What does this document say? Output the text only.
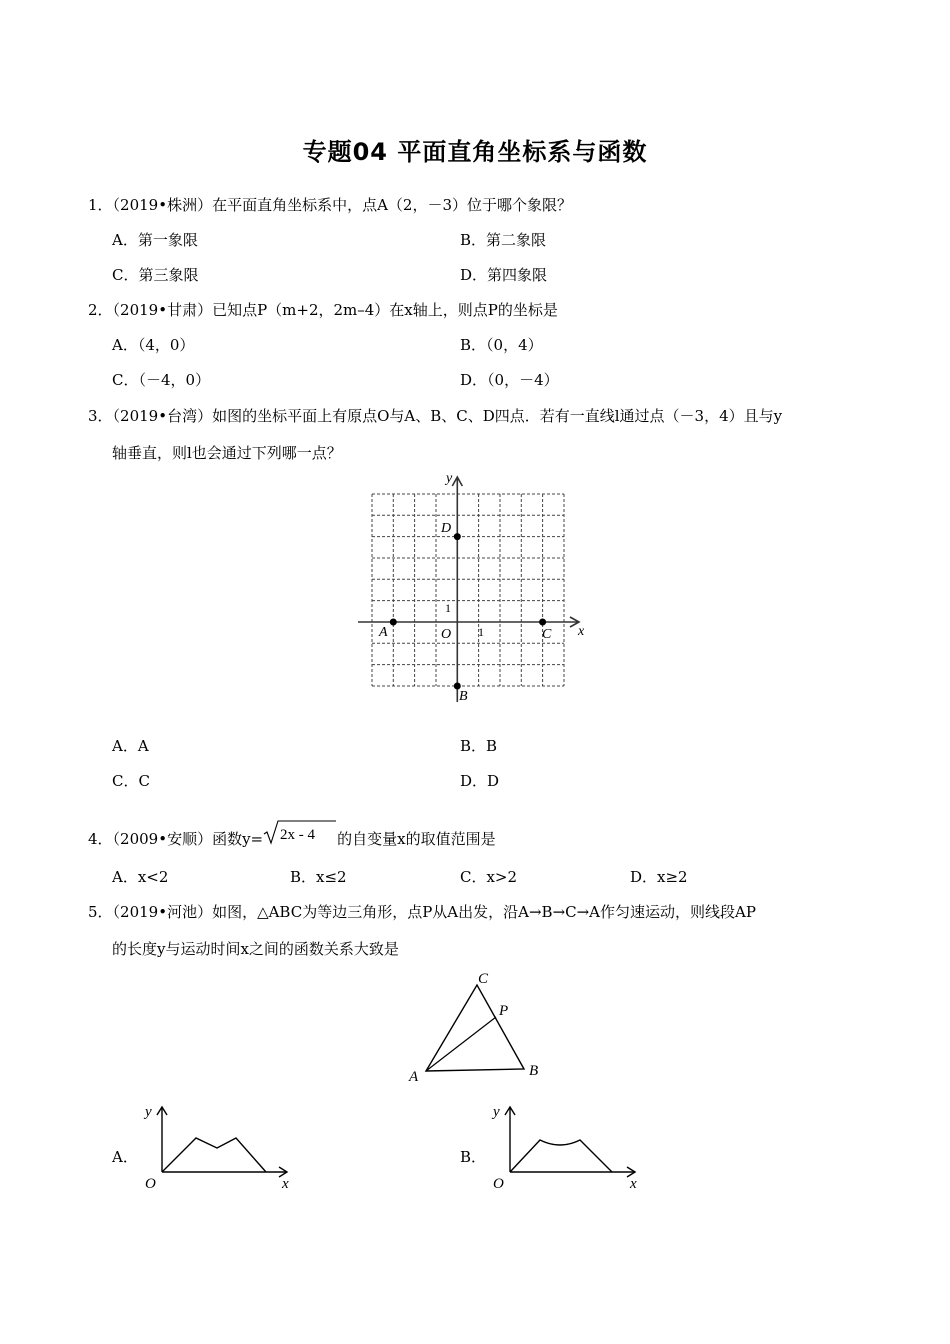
专题04 平面直角坐标系与函数
1．（2019•株洲）在平面直角坐标系中，点A（2，－3）位于哪个象限？
A．第一象限	B．第二象限
C．第三象限	D．第四象限
2．（2019•甘肃）已知点P（m+2，2m–4）在x轴上，则点P的坐标是
A．（4，0）	B．（0，4）
C．（－4，0）	D．（0，－4）
3．（2019•台湾）如图的坐标平面上有原点O与A、B、C、D四点．若有一直线l通过点（－3，4）且与y
轴垂直，则l也会通过下列哪一点？
y
x
O 1
1
A
B
C
D
A．A	B．B
C．C	D．D
4．（2009•安顺）函数y= 2x - 4 的自变量x的取值范围是
A．x<2	B．x≤2	C．x>2	D．x≥2
5．（2019•河池）如图，△ABC为等边三角形，点P从A出发，沿A→B→C→A作匀速运动，则线段AP
的长度y与运动时间x之间的函数关系大致是
A	B
C
P
A．
y
O	x
B．
y
O	x
